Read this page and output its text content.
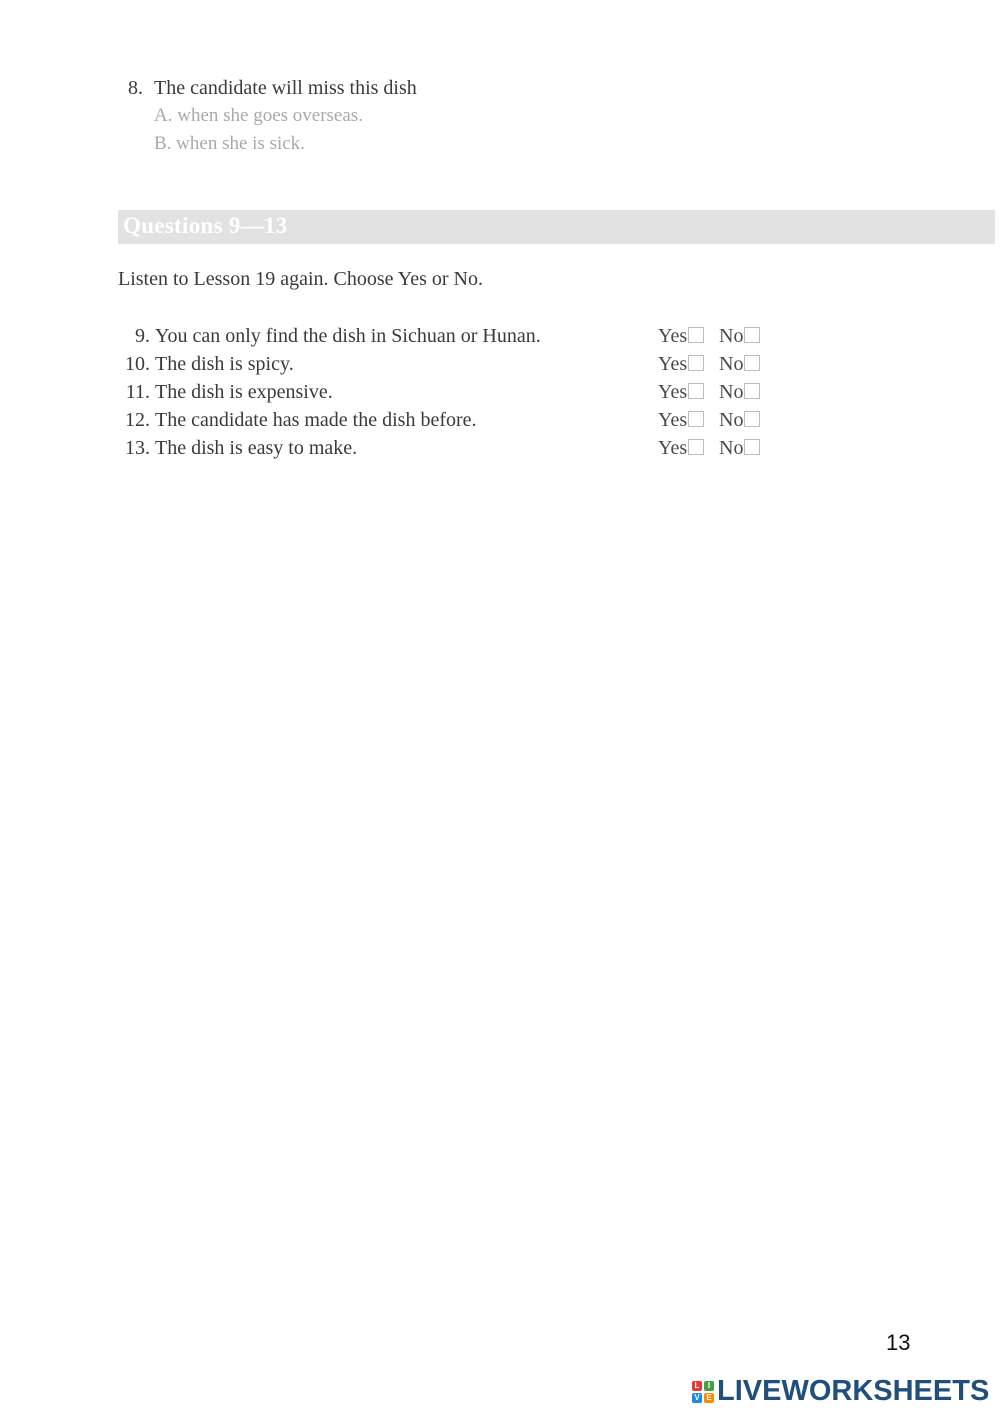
8. The candidate will miss this dish
A. when she goes overseas.
B. when she is sick.
Questions 9—13
Listen to Lesson 19 again. Choose Yes or No.
9. You can only find the dish in Sichuan or Hunan.	Yes	No
10. The dish is spicy.	Yes	No
11. The dish is expensive.	Yes	No
12. The candidate has made the dish before.	Yes	No
13. The dish is easy to make.	Yes	No
13
L	I
V E LIVEWORKSHEETS
